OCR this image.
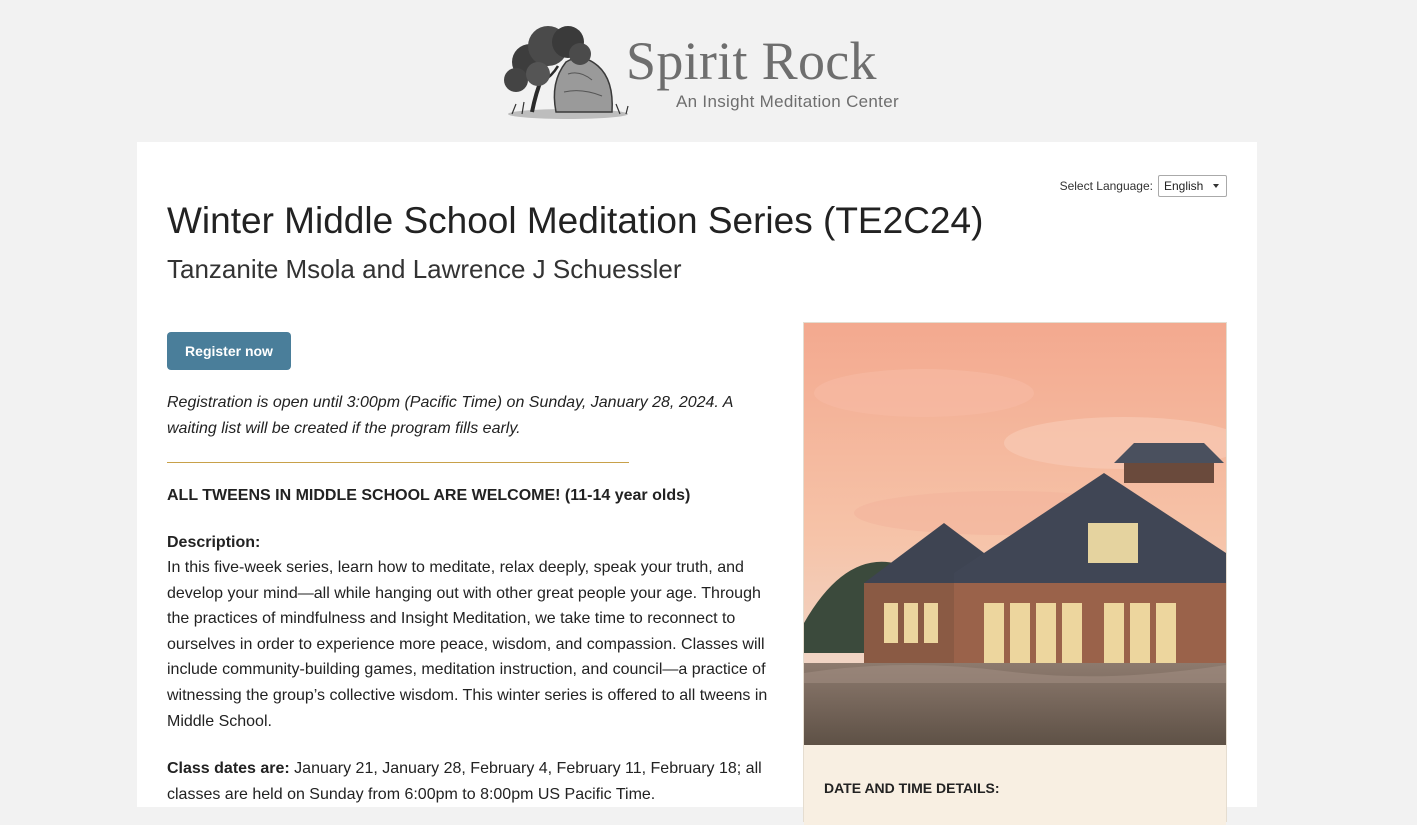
Spirit Rock
An Insight Meditation Center
Select Language: English
Winter Middle School Meditation Series (TE2C24)
Tanzanite Msola and Lawrence J Schuessler
Register now

Registration is open until 3:00pm (Pacific Time) on Sunday, January 28, 2024. A waiting list will be created if the program fills early.

ALL TWEENS IN MIDDLE SCHOOL ARE WELCOME! (11-14 year olds)

Description:

In this five-week series, learn how to meditate, relax deeply, speak your truth, and develop your mind—all while hanging out with other great people your age. Through the practices of mindfulness and Insight Meditation, we take time to reconnect to ourselves in order to experience more peace, wisdom, and compassion. Classes will include community-building games, meditation instruction, and council—a practice of witnessing the group’s collective wisdom. This winter series is offered to all tweens in Middle School.

Class dates are: January 21, January 28, February 4, February 11, February 18; all classes are held on Sunday from 6:00pm to 8:00pm US Pacific Time.	DATE AND TIME DETAILS:
